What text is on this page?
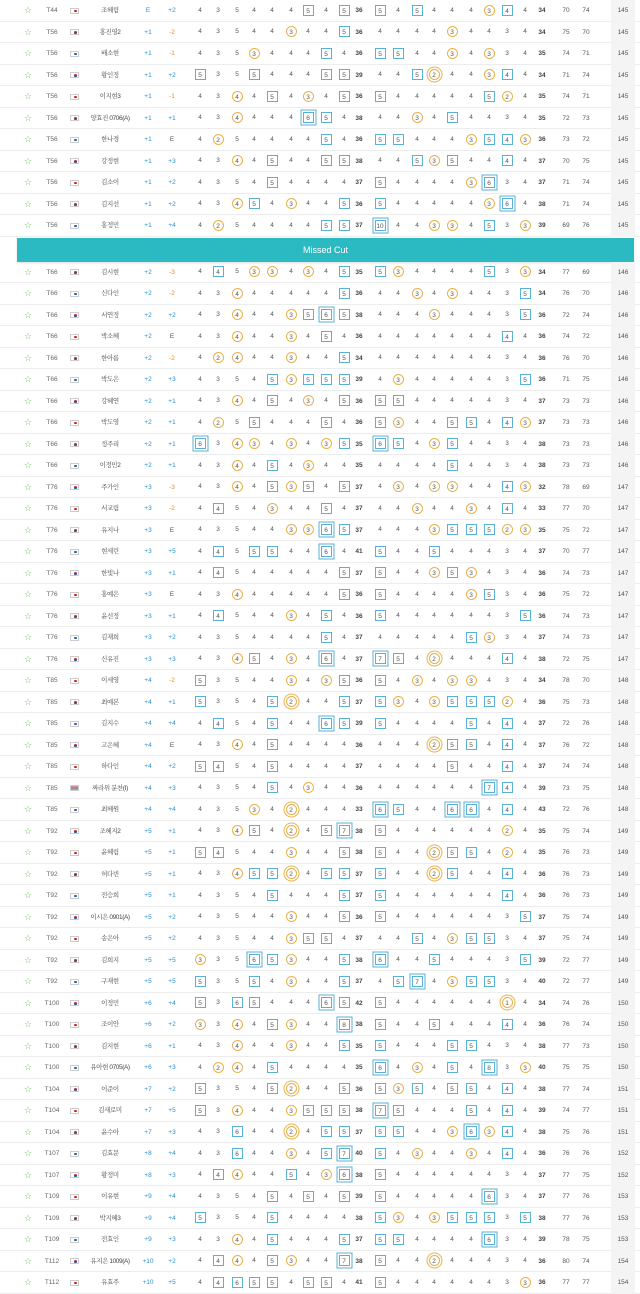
☆	T44	조혜림	E	+2	4	3	5	4	4	4	5	4	5	36	5	4	5	4	4	4	3	4	4	34	70	74	145
☆	T56	홍진영2	+1	-2	4	3	5	4	4	3	4	4	5	36	4	4	4	4	3	4	4	3	4	34	75	70	145
☆	T56	배소현	+1	-1	4	3	5	3	4	4	4	5	4	36	5	5	4	4	3	4	3	3	4	35	74	71	145
☆	T56	황인정	+1	+2	5	3	5	5	4	4	4	5	5	39	4	4	5	2	4	4	3	4	4	34	71	74	145
☆	T56	이지현3	+1	-1	4	3	4	4	5	4	3	4	5	36	5	4	4	4	4	4	5	2	4	35	74	71	145
☆	T56	양효진 0706(A)	+1	+1	4	3	4	4	4	4	6	5	4	38	4	4	3	4	5	4	4	3	4	35	72	73	145
☆	T56	한나경	+1	E	4	2	5	4	4	4	4	5	4	36	5	5	4	4	4	3	5	4	3	36	73	72	145
☆	T56	강정현	+1	+3	4	3	4	4	5	4	4	5	5	38	4	4	5	3	5	4	4	4	4	37	70	75	145
☆	T56	김소이	+1	+2	4	3	5	4	5	4	4	4	4	37	5	4	4	4	4	3	6	3	4	37	71	74	145
☆	T56	김지선	+1	+2	4	3	4	5	4	3	4	4	5	36	5	4	4	4	4	4	3	6	4	38	71	74	145
☆	T56	홍정민	+1	+4	4	2	5	4	4	4	4	5	5	37	10	4	4	3	3	4	5	3	3	39	69	76	145
Missed Cut
☆	T66	김시현	+2	-3	4	4	5	3	3	4	3	4	5	35	5	3	4	4	4	4	5	3	3	34	77	69	146
☆	T66	신다인	+2	-2	4	3	4	4	4	4	4	4	5	36	4	4	3	4	3	4	4	3	5	34	76	70	146
☆	T66	서연정	+2	+2	4	3	4	4	4	3	5	6	5	38	4	4	4	3	4	4	4	3	5	36	72	74	146
☆	T66	박소혜	+2	E	4	3	4	4	4	3	4	5	4	36	4	4	4	4	4	4	4	4	4	36	74	72	146
☆	T66	한아름	+2	-2	4	2	4	4	4	3	4	4	5	34	4	4	4	4	4	4	4	3	4	36	76	70	146
☆	T66	박도은	+2	+3	4	3	5	4	5	3	5	5	5	39	4	3	4	4	4	4	4	3	5	36	71	75	146
☆	T66	강혜연	+2	+1	4	3	4	4	5	4	3	4	5	36	5	5	4	4	4	4	4	3	4	37	73	73	146
☆	T66	박도영	+2	+1	4	2	5	5	4	4	4	5	4	36	5	3	4	4	5	5	4	4	3	37	73	73	146
☆	T66	정주리	+2	+1	6	3	4	3	4	3	4	3	5	35	6	5	4	3	5	4	4	3	4	38	73	73	146
☆	T66	이정민2	+2	+1	4	3	4	4	5	4	3	4	4	35	4	4	4	4	5	4	4	3	4	38	73	73	146
☆	T76	주가인	+3	-3	4	3	4	4	5	3	5	4	5	37	4	3	4	3	3	4	4	4	3	32	78	69	147
☆	T76	서교림	+3	-2	4	4	5	4	3	4	4	5	4	37	4	4	3	4	4	3	4	4	4	33	77	70	147
☆	T76	유지나	+3	E	4	3	5	4	4	3	3	6	5	37	4	4	4	3	5	5	5	2	3	35	75	72	147
☆	T76	현세린	+3	+5	4	4	5	5	5	4	4	6	4	41	5	4	4	5	4	4	4	3	4	37	70	77	147
☆	T76	한빛나	+3	+1	4	4	5	4	4	4	4	4	5	37	5	4	4	3	5	3	4	3	4	36	74	73	147
☆	T76	홍예은	+3	E	4	3	4	4	4	4	4	4	5	36	5	4	4	4	4	3	5	3	4	36	75	72	147
☆	T76	윤선정	+3	+1	4	4	5	4	4	3	4	5	4	36	5	4	4	4	4	4	4	3	5	36	74	73	147
☆	T76	김재희	+3	+2	4	3	5	4	4	4	4	5	4	37	4	4	4	4	4	5	3	3	4	37	74	73	147
☆	T76	신유진	+3	+3	4	3	4	5	4	3	4	6	4	37	7	5	4	2	4	4	4	4	4	38	72	75	147
☆	T85	이세영	+4	-2	5	3	5	4	4	3	4	3	5	36	5	4	3	4	3	3	4	3	4	34	78	70	148
☆	T85	최예본	+4	+1	5	3	5	4	5	2	4	4	5	37	5	3	4	3	5	5	5	2	4	36	75	73	148
☆	T85	김지수	+4	+4	4	4	5	4	5	4	4	6	5	39	5	4	4	4	4	5	4	4	4	37	72	76	148
☆	T85	고은혜	+4	E	4	3	4	4	5	4	4	4	4	36	4	4	4	2	5	5	4	4	4	37	76	72	148
☆	T85	하다인	+4	+2	5	4	5	4	5	4	4	4	4	37	4	4	4	4	5	4	4	4	4	37	74	74	148
☆	T85	짜라위 분찬(I)	+4	+3	4	3	5	4	5	4	3	4	4	36	4	4	4	4	4	4	7	4	4	39	73	75	148
☆	T85	최혜원	+4	+4	4	3	5	3	4	2	4	4	4	33	6	5	4	4	6	6	4	4	4	43	72	76	148
☆	T92	조혜지2	+5	+1	4	3	4	5	4	2	4	5	7	38	5	4	4	4	4	4	4	2	4	35	75	74	149
☆	T92	윤혜림	+5	+1	5	4	5	4	4	3	4	4	5	38	5	4	4	2	5	5	4	2	4	35	76	73	149
☆	T92	허다빈	+5	+1	4	3	4	5	5	2	4	5	5	37	5	4	4	2	5	4	4	4	4	36	76	73	149
☆	T92	전승희	+5	+1	4	3	5	4	5	4	4	4	5	37	5	4	4	4	4	4	4	4	4	36	76	73	149
☆	T92	이시은 0901(A)	+5	+2	4	3	5	4	4	3	4	4	5	36	5	4	4	4	4	4	4	3	5	37	75	74	149
☆	T92	송은아	+5	+2	4	3	5	4	4	3	5	5	4	37	4	4	5	4	3	5	5	3	4	37	75	74	149
☆	T92	김희지	+5	+5	3	3	5	6	5	3	4	4	5	38	6	4	4	5	4	4	4	3	5	39	72	77	149
☆	T92	구재현	+5	+5	5	3	5	5	4	3	4	4	5	37	4	5	7	4	3	5	5	3	4	40	72	77	149
☆	T100	이정민	+6	+4	5	3	6	5	4	4	4	6	5	42	5	4	4	4	4	4	4	1	4	34	74	76	150
☆	T100	조이안	+6	+2	3	3	4	4	5	3	4	4	8	38	5	4	4	5	4	4	4	4	4	36	76	74	150
☆	T100	김지현	+6	+1	4	3	4	4	4	3	4	4	5	35	5	4	4	4	5	5	4	3	4	38	77	73	150
☆	T100	유아현 0705(A)	+6	+3	4	2	4	4	5	4	4	4	4	35	6	4	3	4	5	4	8	3	3	40	75	75	150
☆	T104	이준이	+7	+2	5	3	5	4	5	2	4	4	5	36	5	3	5	4	5	5	4	4	4	38	77	74	151
☆	T104	김새로미	+7	+5	5	3	4	4	4	3	5	5	5	38	7	5	4	4	4	5	4	4	4	39	74	77	151
☆	T104	윤수아	+7	+3	4	3	6	4	4	2	4	5	5	37	5	5	4	4	3	6	3	4	4	38	75	76	151
☆	T107	김효문	+8	+4	4	3	6	4	4	3	4	5	7	40	5	4	3	4	4	3	4	4	4	36	76	76	152
☆	T107	황정미	+8	+3	4	4	4	4	4	5	4	3	6	38	5	4	4	4	4	4	4	3	4	37	77	75	152
☆	T109	이유현	+9	+4	4	3	5	4	5	4	5	4	5	39	5	4	4	4	4	4	6	3	4	37	77	76	153
☆	T109	박지혜3	+9	+4	5	3	5	4	5	4	4	4	4	38	5	3	4	3	5	5	5	3	5	38	77	76	153
☆	T109	전효인	+9	+3	4	3	4	4	5	4	4	4	5	37	5	5	4	4	4	4	6	3	4	39	78	75	153
☆	T112	유지은 1009(A)	+10	+2	4	4	4	4	5	3	4	4	7	38	5	4	4	2	4	4	4	3	4	36	80	74	154
☆	T112	유효주	+10	+5	4	4	6	5	5	4	5	5	4	41	5	4	4	4	4	4	4	3	3	36	77	77	154
